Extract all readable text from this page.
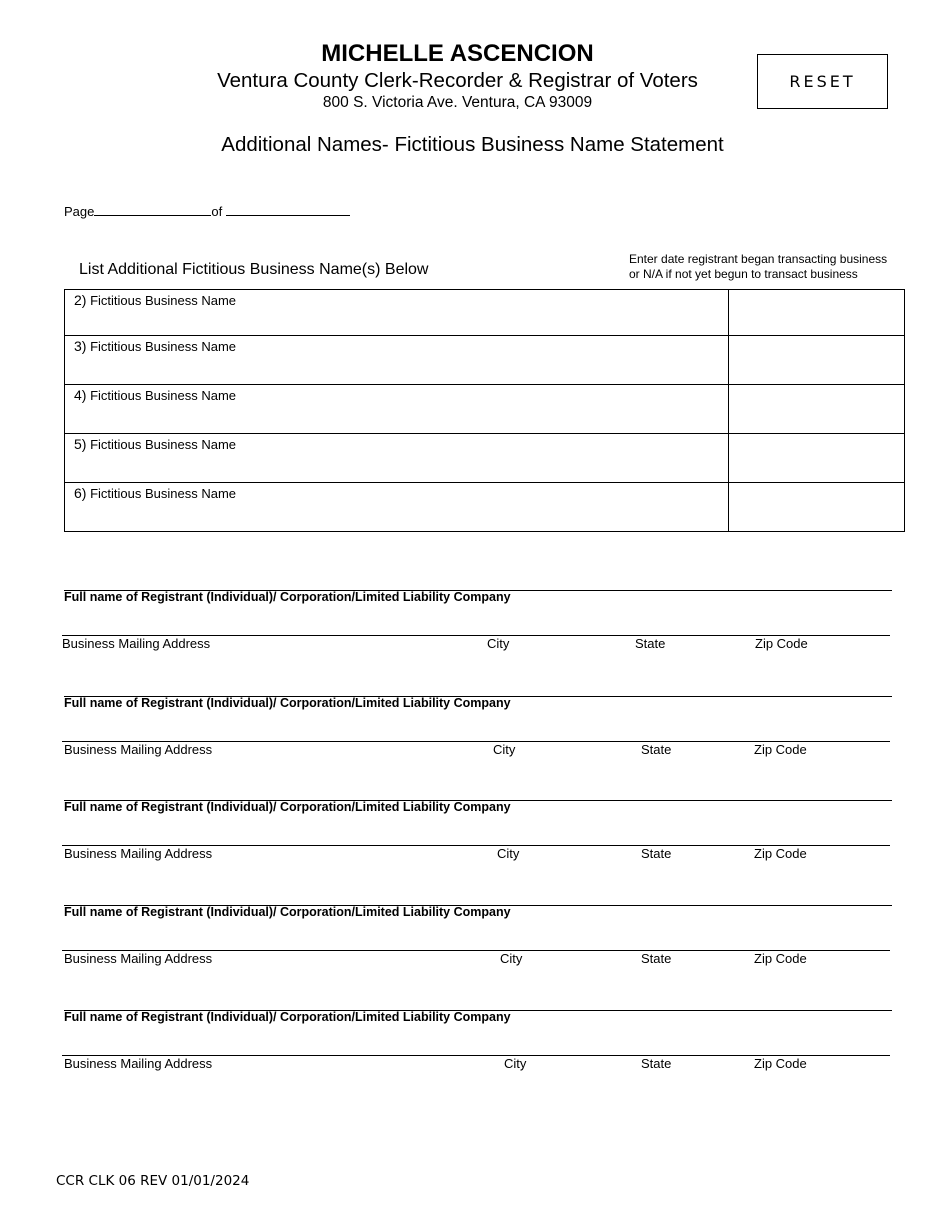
MICHELLE ASCENCION
Ventura County Clerk-Recorder & Registrar of Voters
800 S. Victoria Ave. Ventura, CA 93009
Additional Names- Fictitious Business Name Statement
RESET
Page	of
List Additional Fictitious Business Name(s) Below
Enter date registrant began transacting business
or N/A if not yet begun to transact business
2) Fictitious Business Name	
3) Fictitious Business Name	
4) Fictitious Business Name	
5) Fictitious Business Name	
6) Fictitious Business Name	
Full name of Registrant (Individual)/ Corporation/Limited Liability Company
Business Mailing Address	City	State	Zip Code
Full name of Registrant (Individual)/ Corporation/Limited Liability Company
Business Mailing Address	City	State	Zip Code
Full name of Registrant (Individual)/ Corporation/Limited Liability Company
Business Mailing Address	City	State	Zip Code
Full name of Registrant (Individual)/ Corporation/Limited Liability Company
Business Mailing Address	City	State	Zip Code
Full name of Registrant (Individual)/ Corporation/Limited Liability Company
Business Mailing Address	City	State	Zip Code
CCR CLK 06 REV 01/01/2024
